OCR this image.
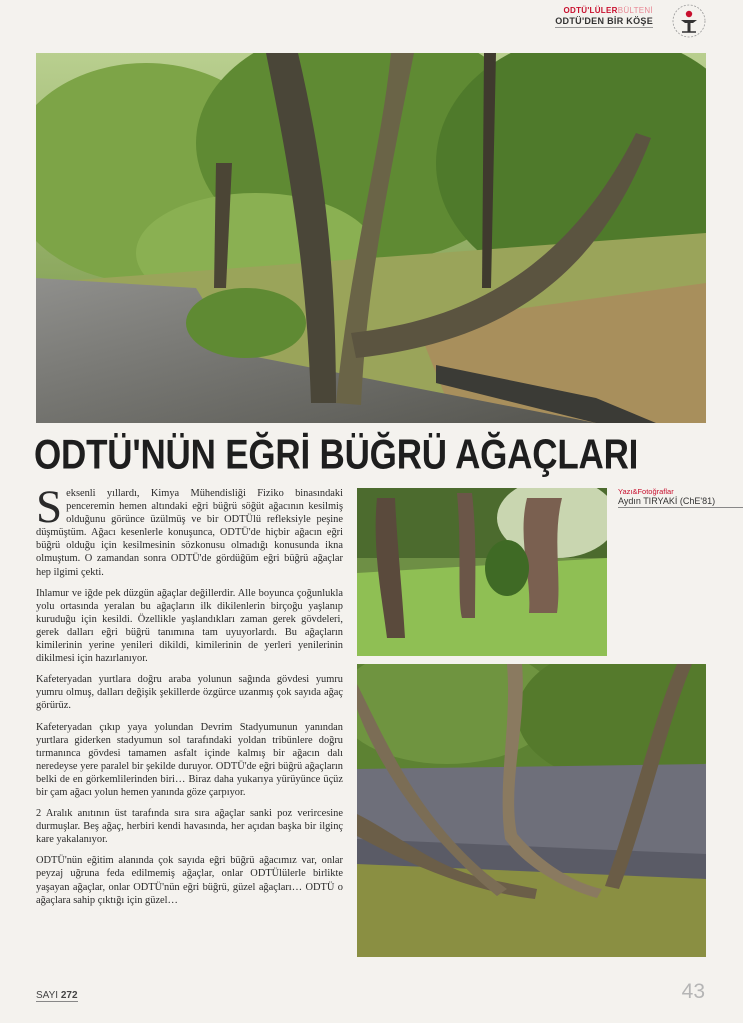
ODTÜ'LÜLERBÜLTENİ
ODTÜ'DEN BİR KÖŞE
ODTÜ'NÜN EĞRİ BÜĞRÜ AĞAÇLARI
Yazı&Fotoğraflar
Aydın TIRYAKİ (ChE'81)

Seksenli yıllardı, Kimya Mühendisliği Fiziko binasındaki penceremin hemen altındaki eğri büğrü söğüt ağacının kesilmiş olduğunu görünce üzülmüş ve bir ODTÜlü refleksiyle peşine düşmüştüm. Ağacı kesenlerle konuşunca, ODTÜ'de hiçbir ağacın eğri büğrü olduğu için kesilmesinin sözkonusu olmadığı konusunda ikna olmuştum. O zamandan sonra ODTÜ'de gördüğüm eğri büğrü ağaçlar hep ilgimi çekti.

Ihlamur ve iğde pek düzgün ağaçlar değillerdir. Alle boyunca çoğunlukla yolu ortasında yeralan bu ağaçların ilk dikilenlerin birçoğu yaşlanıp kuruduğu için kesildi. Özellikle yaşlandıkları zaman gerek gövdeleri, gerek dalları eğri büğrü tanımına tam uyuyorlardı. Bu ağaçların kimilerinin yerine yenileri dikildi, kimilerinin de yerleri yenilerinin dikilmesi için hazırlanıyor.

Kafeteryadan yurtlara doğru araba yolunun sağında gövdesi yumru yumru olmuş, dalları değişik şekillerde özgürce uzanmış çok sayıda ağaç görürüz.

Kafeteryadan çıkıp yaya yolundan Devrim Stadyumunun yanından yurtlara giderken stadyumun sol tarafındaki yoldan tribünlere doğru tırmanınca gövdesi tamamen asfalt içinde kalmış bir ağacın dalı neredeyse yere paralel bir şekilde duruyor. ODTÜ'de eğri büğrü ağaçların belki de en görkemlilerinden biri… Biraz daha yukarıya yürüyünce üçüz bir çam ağacı yolun hemen yanında göze çarpıyor.

2 Aralık anıtının üst tarafında sıra sıra ağaçlar sanki poz verircesine durmuşlar. Beş ağaç, herbiri kendi havasında, her açıdan başka bir ilginç kare yakalanıyor.

ODTÜ'nün eğitim alanında çok sayıda eğri büğrü ağacımız var, onlar peyzaj uğruna feda edilmemiş ağaçlar, onlar ODTÜlülerle birlikte yaşayan ağaçlar, onlar ODTÜ'nün eğri büğrü, güzel ağaçları… ODTÜ o ağaçlara sahip çıktığı için güzel…

SAYI 272	43
